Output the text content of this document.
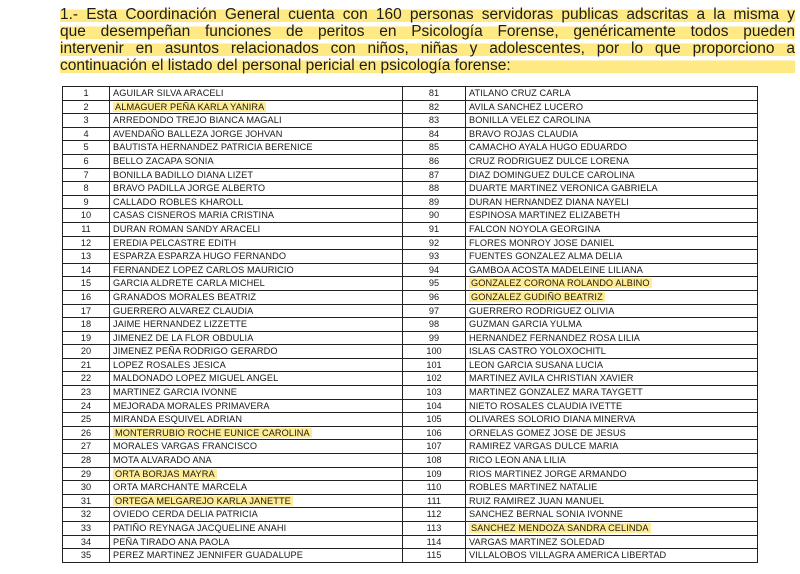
1.- Esta Coordinación General cuenta con 160 personas servidoras publicas adscritas a la misma y
que desempeñan funciones de peritos en Psicología Forense, genéricamente todos pueden
intervenir en asuntos relacionados con niños, niñas y adolescentes, por lo que proporciono a
continuación el listado del personal pericial en psicología forense:
1	AGUILAR SILVA ARACELI	81	ATILANO CRUZ CARLA
2	ALMAGUER PEÑA KARLA YANIRA	82	AVILA SANCHEZ LUCERO
3	ARREDONDO TREJO BIANCA MAGALI	83	BONILLA VELEZ CAROLINA
4	AVENDAÑO BALLEZA JORGE JOHVAN	84	BRAVO ROJAS CLAUDIA
5	BAUTISTA HERNANDEZ PATRICIA BERENICE	85	CAMACHO AYALA HUGO EDUARDO
6	BELLO ZACAPA SONIA	86	CRUZ RODRIGUEZ DULCE LORENA
7	BONILLA BADILLO DIANA LIZET	87	DIAZ DOMINGUEZ DULCE CAROLINA
8	BRAVO PADILLA JORGE ALBERTO	88	DUARTE MARTINEZ VERONICA GABRIELA
9	CALLADO ROBLES KHAROLL	89	DURAN HERNANDEZ DIANA NAYELI
10	CASAS CISNEROS MARIA CRISTINA	90	ESPINOSA MARTINEZ ELIZABETH
11	DURAN ROMAN SANDY ARACELI	91	FALCON NOYOLA GEORGINA
12	EREDIA PELCASTRE EDITH	92	FLORES MONROY JOSE DANIEL
13	ESPARZA ESPARZA HUGO FERNANDO	93	FUENTES GONZALEZ ALMA DELIA
14	FERNANDEZ LOPEZ CARLOS MAURICIO	94	GAMBOA ACOSTA MADELEINE LILIANA
15	GARCIA ALDRETE CARLA MICHEL	95	GONZALEZ CORONA ROLANDO ALBINO
16	GRANADOS MORALES BEATRIZ	96	GONZALEZ GUDIÑO BEATRIZ
17	GUERRERO ALVAREZ CLAUDIA	97	GUERRERO RODRIGUEZ OLIVIA
18	JAIME HERNANDEZ LIZZETTE	98	GUZMAN GARCIA YULMA
19	JIMENEZ DE LA FLOR OBDULIA	99	HERNANDEZ FERNANDEZ ROSA LILIA
20	JIMENEZ PEÑA RODRIGO GERARDO	100	ISLAS CASTRO YOLOXOCHITL
21	LOPEZ ROSALES JESICA	101	LEON GARCIA SUSANA LUCIA
22	MALDONADO LOPEZ MIGUEL ANGEL	102	MARTINEZ AVILA CHRISTIAN XAVIER
23	MARTINEZ GARCIA IVONNE	103	MARTINEZ GONZALEZ MARA TAYGETT
24	MEJORADA MORALES PRIMAVERA	104	NIETO ROSALES CLAUDIA IVETTE
25	MIRANDA ESQUIVEL ADRIAN	105	OLIVARES SOLORIO DIANA MINERVA
26	MONTERRUBIO ROCHE EUNICE CAROLINA	106	ORNELAS GOMEZ JOSE DE JESUS
27	MORALES VARGAS FRANCISCO	107	RAMIREZ VARGAS DULCE MARIA
28	MOTA ALVARADO ANA	108	RICO LEON ANA LILIA
29	ORTA BORJAS MAYRA	109	RIOS MARTINEZ JORGE ARMANDO
30	ORTA MARCHANTE MARCELA	110	ROBLES MARTINEZ NATALIE
31	ORTEGA MELGAREJO KARLA JANETTE	111	RUIZ RAMIREZ JUAN MANUEL
32	OVIEDO CERDA DELIA PATRICIA	112	SANCHEZ BERNAL SONIA IVONNE
33	PATIÑO REYNAGA JACQUELINE ANAHI	113	SANCHEZ MENDOZA SANDRA CELINDA
34	PEÑA TIRADO ANA PAOLA	114	VARGAS MARTINEZ SOLEDAD
35	PEREZ MARTINEZ JENNIFER GUADALUPE	115	VILLALOBOS VILLAGRA AMERICA LIBERTAD
